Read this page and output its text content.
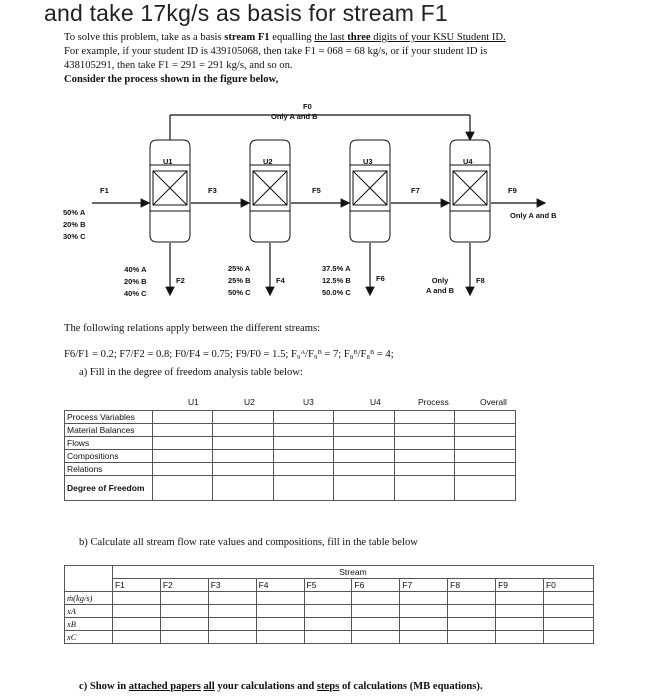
and take 17kg/s as basis for stream F1
To solve this problem, take as a basis stream F1 equalling the last three digits of your KSU Student ID.
For example, if your student ID is 439105068, then take F1 = 068 = 68 kg/s, or if your student ID is
438105291, then take F1 = 291 = 291 kg/s, and so on.
Consider the process shown in the figure below,
F0
Only A and B
U1	U2	U3	U4
F1	F3	F5	F7	F9
Only A and B
50% A
20% B
30% C
40% A
20% B
40% C
F2
25% A
25% B
50% C
F4
37.5% A
12.5% B
50.0% C
F6	Only
A and B
F8
The following relations apply between the different streams:
F6/F1 = 0.2; F7/F2 = 0.8; F0/F4 = 0.75; F9/F0 = 1.5; F₉ᴬ/F₉ᴮ = 7; F₈ᴮ/F₈ᴮ = 4;
a) Fill in the degree of freedom analysis table below:
U1	U2	U3	U4	Process	Overall
Process Variables						
Material Balances						
Flows						
Compositions						
Relations						
Degree of Freedom						
b) Calculate all stream flow rate values and compositions, fill in the table below
	Stream									
	F1	F2	F3	F4	F5	F6	F7	F8	F9	F0
ṁ(kg/s)										
xA										
xB										
xC										
c) Show in attached papers all your calculations and steps of calculations (MB equations).
